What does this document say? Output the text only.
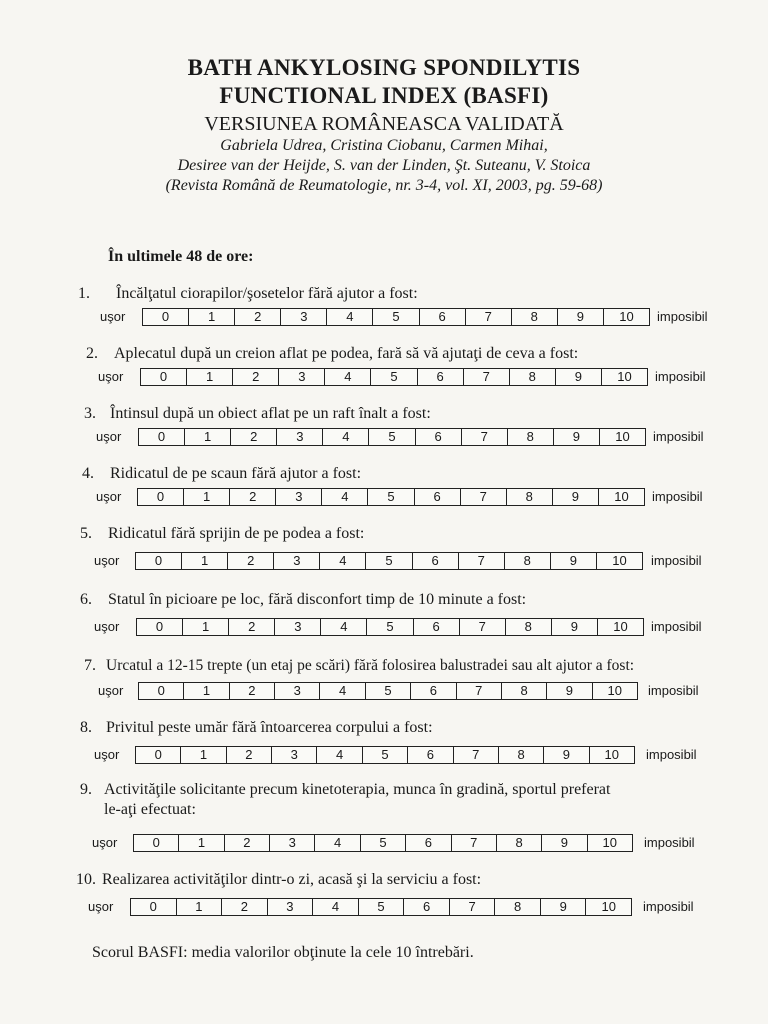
BATH ANKYLOSING SPONDILYTIS
FUNCTIONAL INDEX (BASFI)
VERSIUNEA ROMÂNEASCA VALIDATĂ
Gabriela Udrea, Cristina Ciobanu, Carmen Mihai,
Desiree van der Heijde, S. van der Linden, Şt. Suteanu, V. Stoica
(Revista Română de Reumatologie, nr. 3-4, vol. XI, 2003, pg. 59-68)
În ultimele 48 de ore:
1. Încălţatul ciorapilor/şosetelor fără ajutor a fost:
uşor	0	1	2	3	4	5	6	7	8	9	10	imposibil
2. Aplecatul după un creion aflat pe podea, fară să vă ajutaţi de ceva a fost:
uşor	0	1	2	3	4	5	6	7	8	9	10	imposibil
3. Întinsul după un obiect aflat pe un raft înalt a fost:
uşor	0	1	2	3	4	5	6	7	8	9	10	imposibil
4. Ridicatul de pe scaun fără ajutor a fost:
uşor	0	1	2	3	4	5	6	7	8	9	10	imposibil
5. Ridicatul fără sprijin de pe podea a fost:
uşor	0	1	2	3	4	5	6	7	8	9	10	imposibil
6. Statul în picioare pe loc, fără disconfort timp de 10 minute a fost:
uşor	0	1	2	3	4	5	6	7	8	9	10	imposibil
7. Urcatul a 12-15 trepte (un etaj pe scări) fără folosirea balustradei sau alt ajutor a fost:
uşor	0	1	2	3	4	5	6	7	8	9	10	imposibil
8. Privitul peste umăr fără întoarcerea corpului a fost:
uşor	0	1	2	3	4	5	6	7	8	9	10	imposibil
9. Activităţile solicitante precum kinetoterapia, munca în gradină, sportul preferat
le-aţi efectuat:
uşor	0	1	2	3	4	5	6	7	8	9	10	imposibil
10. Realizarea activităţilor dintr-o zi, acasă şi la serviciu a fost:
uşor	0	1	2	3	4	5	6	7	8	9	10	imposibil
Scorul BASFI: media valorilor obţinute la cele 10 întrebări.
